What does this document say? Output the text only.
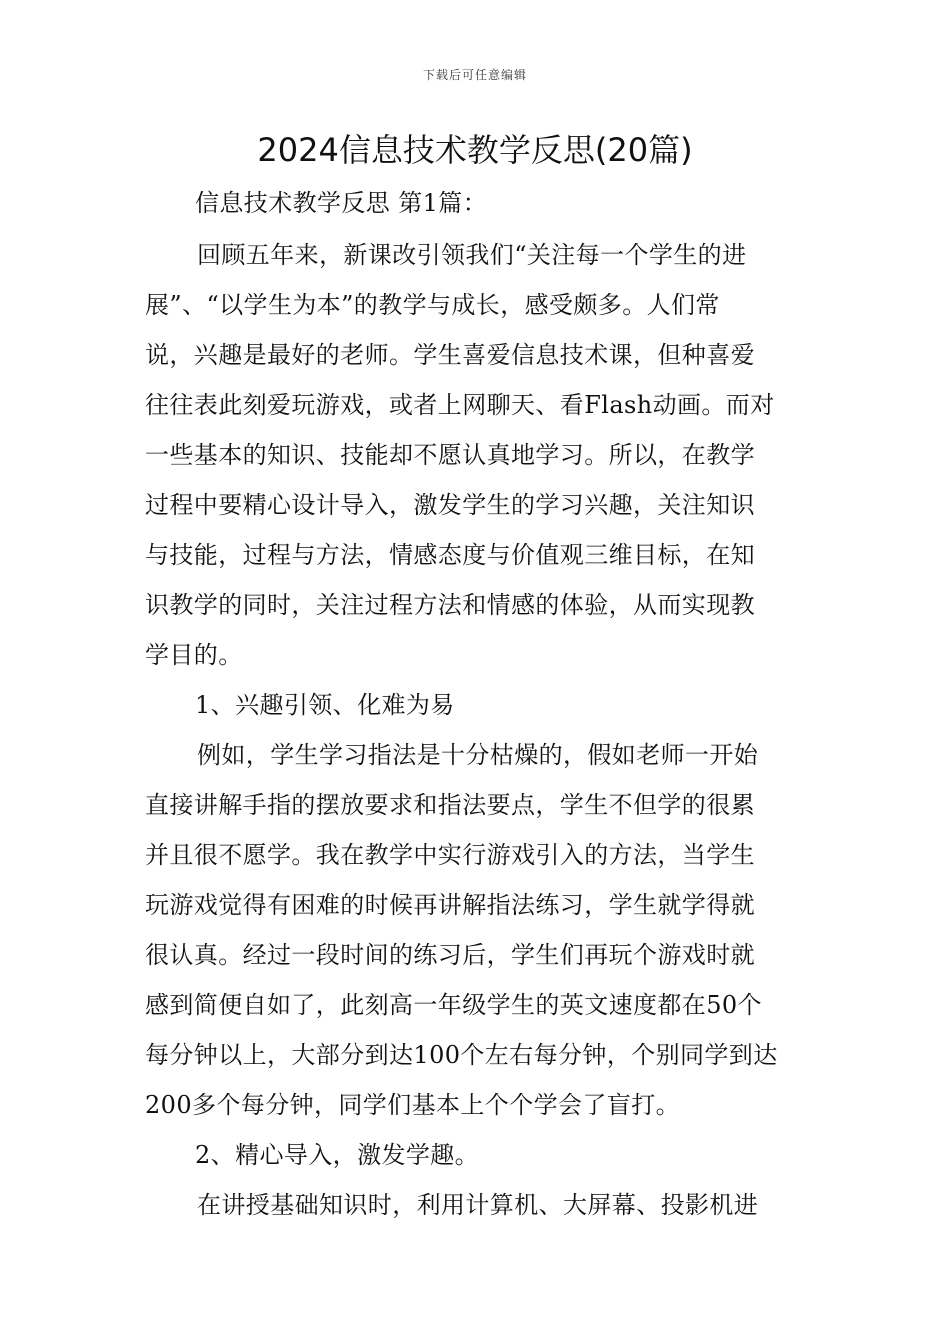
下载后可任意编辑
2024信息技术教学反思(20篇)
信息技术教学反思 第1篇：
回顾五年来，新课改引领我们“关注每一个学生的进
展”、“以学生为本”的教学与成长，感受颇多。人们常
说，兴趣是最好的老师。学生喜爱信息技术课，但种喜爱
往往表此刻爱玩游戏，或者上网聊天、看Flash动画。而对
一些基本的知识、技能却不愿认真地学习。所以，在教学
过程中要精心设计导入，激发学生的学习兴趣，关注知识
与技能，过程与方法，情感态度与价值观三维目标，在知
识教学的同时，关注过程方法和情感的体验，从而实现教
学目的。
1、兴趣引领、化难为易
例如，学生学习指法是十分枯燥的，假如老师一开始
直接讲解手指的摆放要求和指法要点，学生不但学的很累
并且很不愿学。我在教学中实行游戏引入的方法，当学生
玩游戏觉得有困难的时候再讲解指法练习，学生就学得就
很认真。经过一段时间的练习后，学生们再玩个游戏时就
感到简便自如了，此刻高一年级学生的英文速度都在50个
每分钟以上，大部分到达100个左右每分钟，个别同学到达
200多个每分钟，同学们基本上个个学会了盲打。
2、精心导入，激发学趣。
在讲授基础知识时，利用计算机、大屏幕、投影机进
